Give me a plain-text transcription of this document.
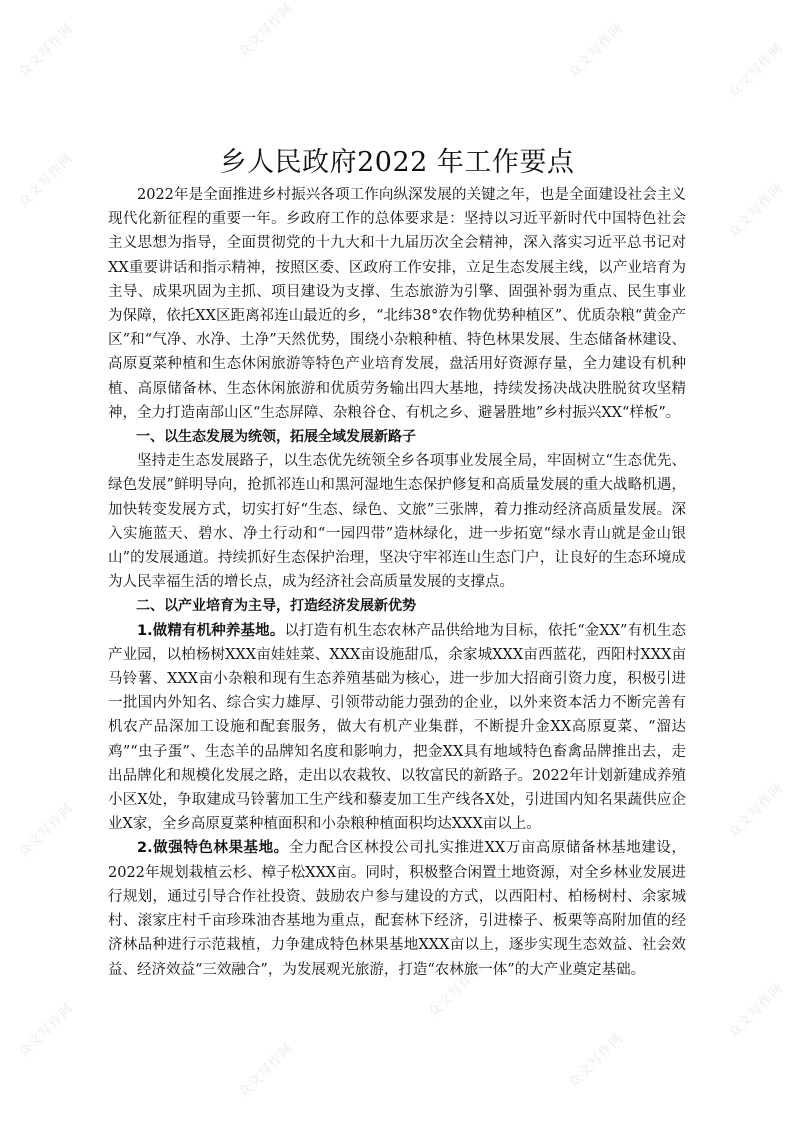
众文写作网	众文写作网	众文写作网	众文写作网
众文写作网	众文写作网
众文写作网
众文写作网
众文写作网
众文写作网
众文写作网
众文写作网
众文写作网
乡人民政府2022 年工作要点

2022年是全面推进乡村振兴各项工作向纵深发展的关键之年，也是全面建设社会主义现代化新征程的重要一年。乡政府工作的总体要求是：坚持以习近平新时代中国特色社会主义思想为指导，全面贯彻党的十九大和十九届历次全会精神，深入落实习近平总书记对XX重要讲话和指示精神，按照区委、区政府工作安排，立足生态发展主线，以产业培育为主导、成果巩固为主抓、项目建设为支撑、生态旅游为引擎、固强补弱为重点、民生事业为保障，依托XX区距离祁连山最近的乡，“北纬38°农作物优势种植区”、优质杂粮“黄金产区”和“气净、水净、土净”天然优势，围绕小杂粮种植、特色林果发展、生态储备林建设、高原夏菜种植和生态休闲旅游等特色产业培育发展，盘活用好资源存量，全力建设有机种植、高原储备林、生态休闲旅游和优质劳务输出四大基地，持续发扬决战决胜脱贫攻坚精神，全力打造南部山区“生态屏障、杂粮谷仓、有机之乡、避暑胜地”乡村振兴XX“样板”。

一、以生态发展为统领，拓展全域发展新路子

坚持走生态发展路子，以生态优先统领全乡各项事业发展全局，牢固树立“生态优先、绿色发展”鲜明导向，抢抓祁连山和黑河湿地生态保护修复和高质量发展的重大战略机遇，加快转变发展方式，切实打好“生态、绿色、文旅”三张牌，着力推动经济高质量发展。深入实施蓝天、碧水、净土行动和“一园四带”造林绿化，进一步拓宽“绿水青山就是金山银山”的发展通道。持续抓好生态保护治理，坚决守牢祁连山生态门户，让良好的生态环境成为人民幸福生活的增长点，成为经济社会高质量发展的支撑点。

二、以产业培育为主导，打造经济发展新优势

1.做精有机种养基地。以打造有机生态农林产品供给地为目标，依托“金XX”有机生态产业园，以柏杨树XXX亩娃娃菜、XXX亩设施甜瓜，余家城XXX亩西蓝花，西阳村XXX亩马铃薯、XXX亩小杂粮和现有生态养殖基础为核心，进一步加大招商引资力度，积极引进一批国内外知名、综合实力雄厚、引领带动能力强劲的企业，以外来资本活力不断完善有机农产品深加工设施和配套服务，做大有机产业集群，不断提升金XX高原夏菜、“溜达鸡”“虫子蛋”、生态羊的品牌知名度和影响力，把金XX具有地域特色畜禽品牌推出去，走出品牌化和规模化发展之路，走出以农栽牧、以牧富民的新路子。2022年计划新建成养殖小区X处，争取建成马铃薯加工生产线和藜麦加工生产线各X处，引进国内知名果蔬供应企业X家，全乡高原夏菜种植面积和小杂粮种植面积均达XXX亩以上。

2.做强特色林果基地。全力配合区林投公司扎实推进XX万亩高原储备林基地建设，2022年规划栽植云杉、樟子松XXX亩。同时，积极整合闲置土地资源，对全乡林业发展进行规划，通过引导合作社投资、鼓励农户参与建设的方式，以西阳村、柏杨树村、余家城村、滚家庄村千亩珍珠油杏基地为重点，配套林下经济，引进榛子、板栗等高附加值的经济林品种进行示范栽植，力争建成特色林果基地XXX亩以上，逐步实现生态效益、社会效益、经济效益“三效融合”，为发展观光旅游，打造“农林旅一体”的大产业奠定基础。
